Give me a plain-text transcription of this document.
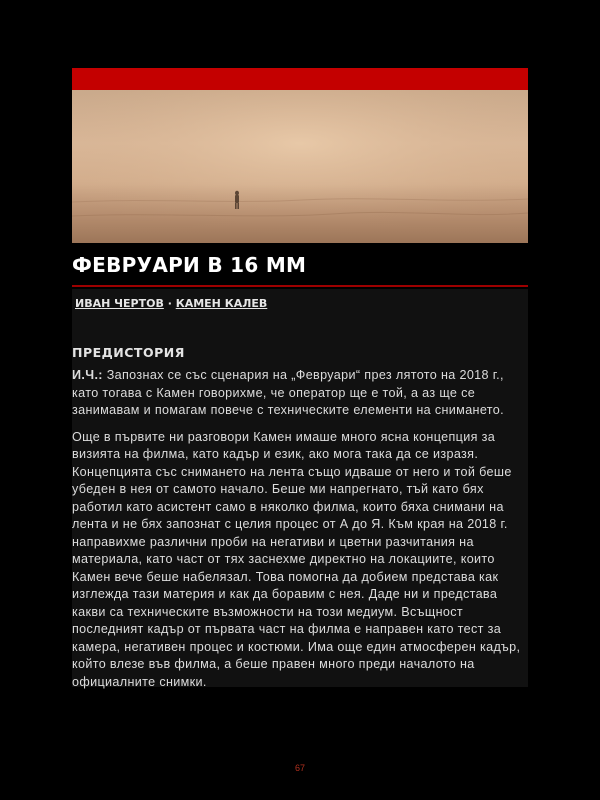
ФЕВРУАРИ В 16 ММ
ИВАН ЧЕРТОВ · КАМЕН КАЛЕВ
ПРЕДИСТОРИЯ

И.Ч.: Запознах се със сценария на „Февруари“ през лятото на 2018 г., като тогава с Камен говорихме, че оператор ще е той, а аз ще се занимавам и помагам повече с техническите елементи на снимането.

Още в първите ни разговори Камен имаше много ясна концепция за визията на филма, като кадър и език, ако мога така да се изразя. Концепцията със снимането на лента също идваше от него и той беше убеден в нея от самото начало. Беше ми напрегнато, тъй като бях работил като асистент само в няколко филма, които бяха снимани на лента и не бях запознат с целия процес от А до Я. Към края на 2018 г. направихме различни проби на негативи и цветни разчитания на материала, като част от тях заснехме директно на локациите, които Камен вече беше набелязал. Това помогна да добием представа как изглежда тази материя и как да боравим с нея. Даде ни и представа какви са техническите възможности на този медиум. Всъщност последният кадър от първата част на филма е направен като тест за камера, негативен процес и костюми. Има още един атмосферен кадър, който влезе във филма, а беше правен много преди началото на официалните снимки.

67
